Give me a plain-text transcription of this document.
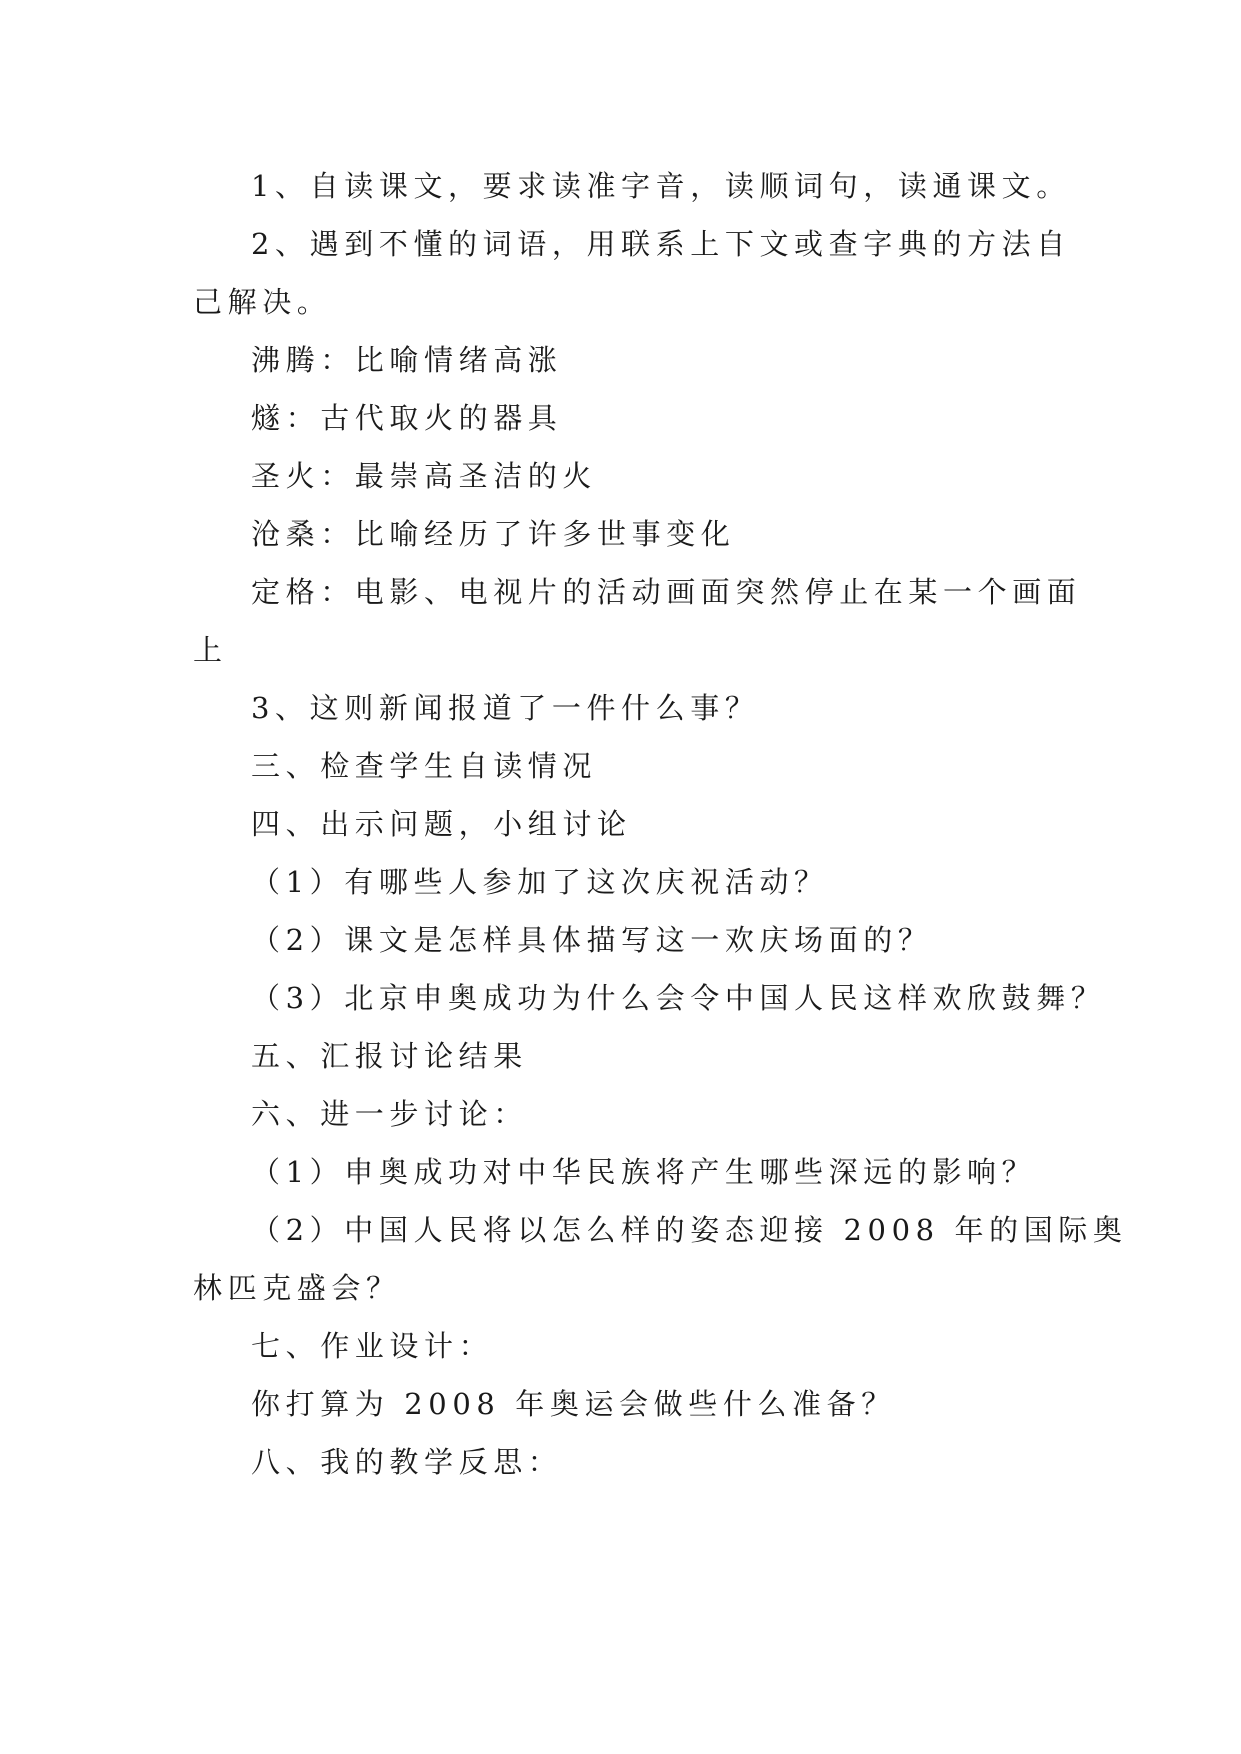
1、自读课文，要求读准字音，读顺词句，读通课文。
2、遇到不懂的词语，用联系上下文或查字典的方法自
己解决。
沸腾：比喻情绪高涨
燧：古代取火的器具
圣火：最崇高圣洁的火
沧桑：比喻经历了许多世事变化
定格：电影、电视片的活动画面突然停止在某一个画面
上
3、这则新闻报道了一件什么事？
三、检查学生自读情况
四、出示问题，小组讨论
（1）有哪些人参加了这次庆祝活动？
（2）课文是怎样具体描写这一欢庆场面的？
（3）北京申奥成功为什么会令中国人民这样欢欣鼓舞？
五、汇报讨论结果
六、进一步讨论：
（1）申奥成功对中华民族将产生哪些深远的影响？
（2）中国人民将以怎么样的姿态迎接 2008 年的国际奥
林匹克盛会？
七、作业设计：
你打算为 2008 年奥运会做些什么准备？
八、我的教学反思：
